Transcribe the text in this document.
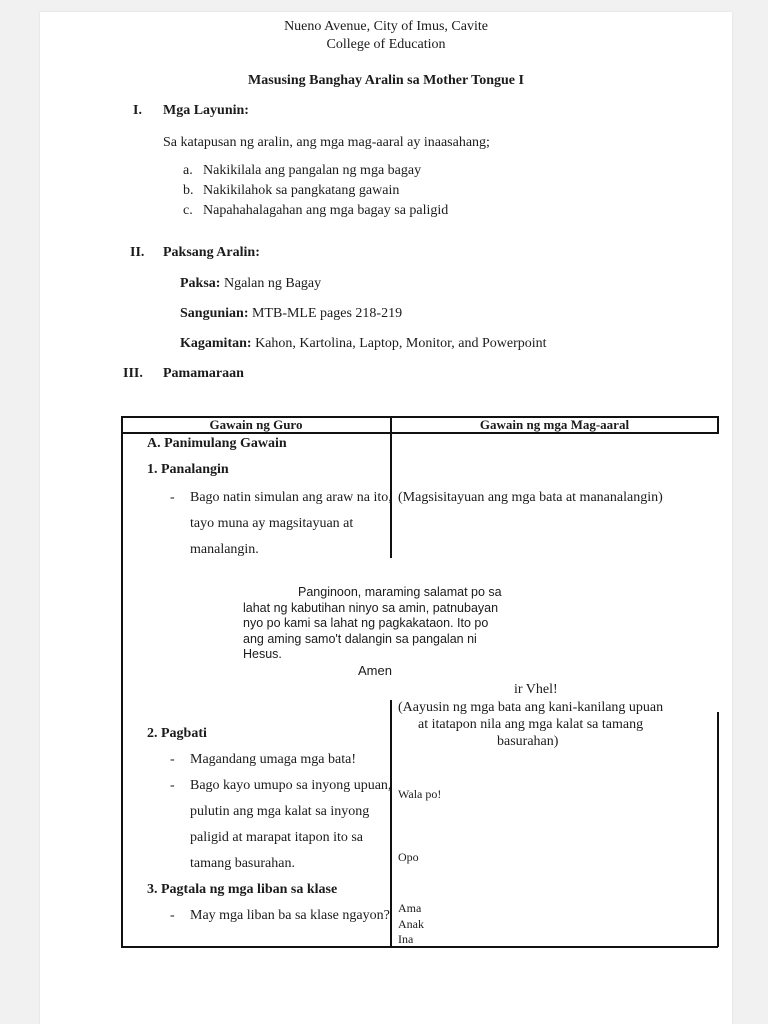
Nueno Avenue, City of Imus, Cavite
College of Education
Masusing Banghay Aralin sa Mother Tongue I
I. Mga Layunin:
Sa katapusan ng aralin, ang mga mag-aaral ay inaasahang;
a. Nakikilala ang pangalan ng mga bagay
b. Nakikilahok sa pangkatang gawain
c. Napahahalagahan ang mga bagay sa paligid
II. Paksang Aralin:
Paksa: Ngalan ng Bagay
Sangunian: MTB-MLE pages 218-219
Kagamitan: Kahon, Kartolina, Laptop, Monitor, and Powerpoint
III. Pamamaraan
Gawain ng Guro	Gawain ng mga Mag-aaral
A. Panimulang Gawain
1. Panalangin
- Bago natin simulan ang araw na ito,
tayo muna ay magsitayuan at
manalangin.
(Magsisitayuan ang mga bata at mananalangin)
Panginoon, maraming salamat po sa
lahat ng kabutihan ninyo sa amin, patnubayan
nyo po kami sa lahat ng pagkakataon. Ito po
ang aming samo't dalangin sa pangalan ni
Hesus.
Amen
ir Vhel!
(Aayusin ng mga bata ang kani-kanilang upuan
at itatapon nila ang mga kalat sa tamang
basurahan)
2. Pagbati
- Magandang umaga mga bata!
- Bago kayo umupo sa inyong upuan,
pulutin ang mga kalat sa inyong
paligid at marapat itapon ito sa
tamang basurahan.
Wala po!
Opo
3. Pagtala ng mga liban sa klase
- May mga liban ba sa klase ngayon? Ama
Anak
Ina
